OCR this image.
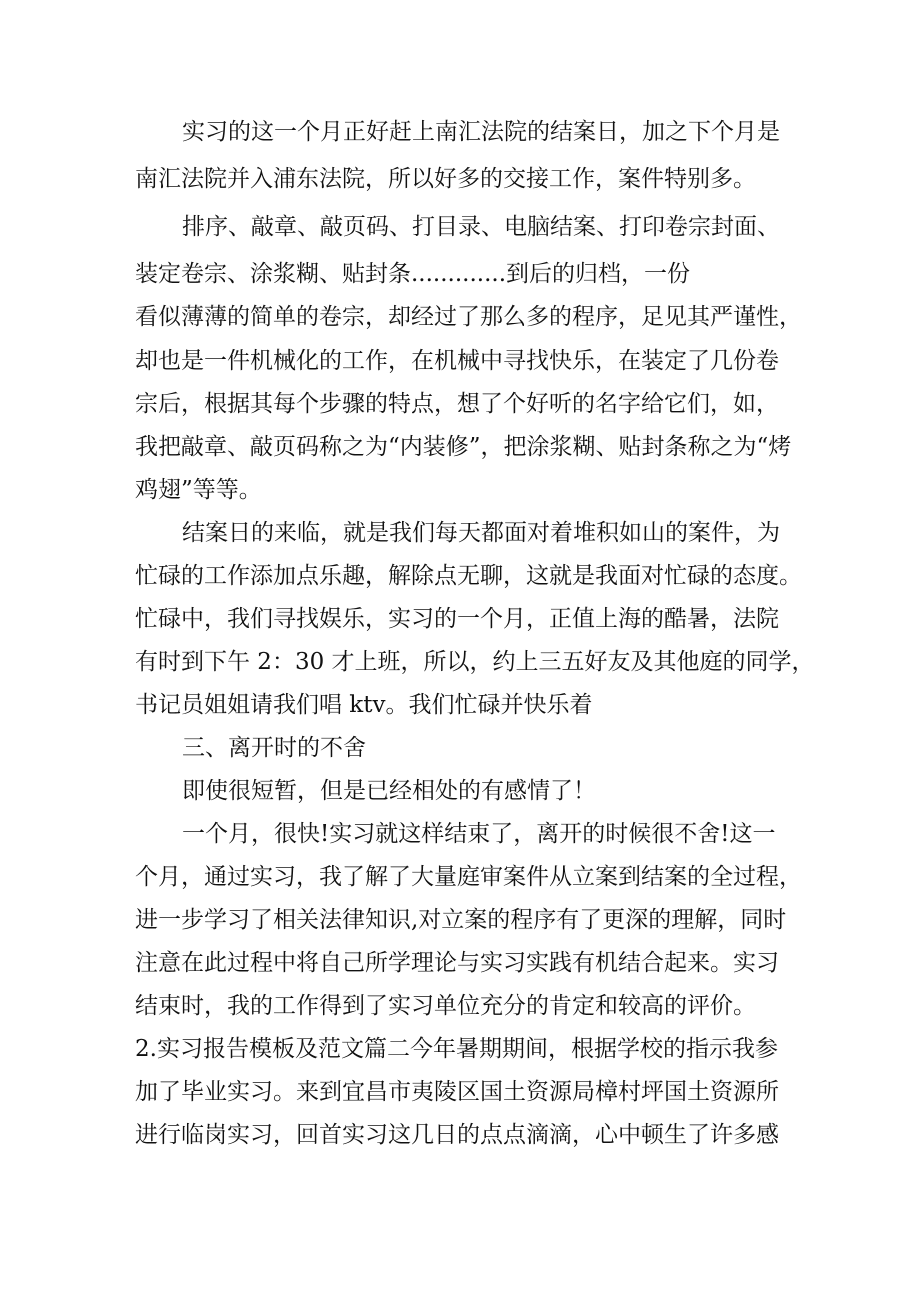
实习的这一个月正好赶上南汇法院的结案日，加之下个月是

南汇法院并入浦东法院，所以好多的交接工作，案件特别多。

排序、敲章、敲页码、打目录、电脑结案、打印卷宗封面、

装定卷宗、涂浆糊、贴封条.............到后的归档，一份

看似薄薄的简单的卷宗，却经过了那么多的程序，足见其严谨性，

却也是一件机械化的工作，在机械中寻找快乐，在装定了几份卷

宗后，根据其每个步骤的特点，想了个好听的名字给它们，如，

我把敲章、敲页码称之为“内装修”，把涂浆糊、贴封条称之为“烤

鸡翅”等等。

结案日的来临，就是我们每天都面对着堆积如山的案件，为

忙碌的工作添加点乐趣，解除点无聊，这就是我面对忙碌的态度。

忙碌中，我们寻找娱乐，实习的一个月，正值上海的酷暑，法院

有时到下午 2：30 才上班，所以，约上三五好友及其他庭的同学，

书记员姐姐请我们唱 ktv。我们忙碌并快乐着

三、离开时的不舍

即使很短暂，但是已经相处的有感情了！

一个月，很快!实习就这样结束了，离开的时候很不舍!这一

个月，通过实习，我了解了大量庭审案件从立案到结案的全过程，

进一步学习了相关法律知识,对立案的程序有了更深的理解，同时

注意在此过程中将自己所学理论与实习实践有机结合起来。实习

结束时，我的工作得到了实习单位充分的肯定和较高的评价。

2.实习报告模板及范文篇二今年暑期期间，根据学校的指示我参

加了毕业实习。来到宜昌市夷陵区国土资源局樟村坪国土资源所

进行临岗实习，回首实习这几日的点点滴滴，心中顿生了许多感
